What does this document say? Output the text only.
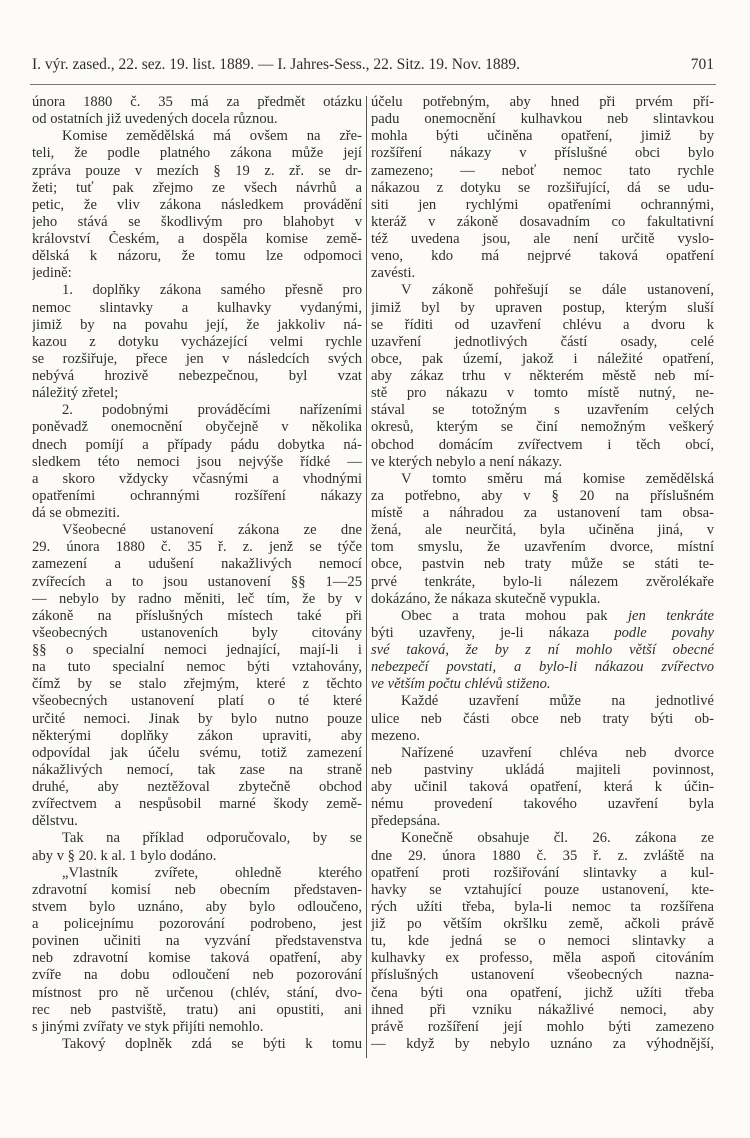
I. výr. zased., 22. sez. 19. list. 1889. — I. Jahres-Sess., 22. Sitz. 19. Nov. 1889.	701
února 1880 č. 35 má za předmět otázku
od ostatních již uvedených docela různou.
Komise zemědělská má ovšem na zře-
teli, že podle platného zákona může její
zpráva pouze v mezích § 19 z. zř. se dr-
žeti; tuť pak zřejmo ze všech návrhů a
petic, že vliv zákona následkem provádění
jeho stává se škodlivým pro blahobyt v
království Českém, a dospěla komise země-
dělská k názoru, že tomu lze odpomoci
jedině:
1. doplňky zákona samého přesně pro
nemoc slintavky a kulhavky vydanými,
jimiž by na povahu její, že jakkoliv ná-
kazou z dotyku vycházející velmi rychle
se rozšiřuje, přece jen v následcích svých
nebývá hrozivě nebezpečnou, byl vzat
náležitý zřetel;
2. podobnými prováděcími nařízeními
poněvadž onemocnění obyčejně v několika
dnech pomíjí a případy pádu dobytka ná-
sledkem této nemoci jsou nejvýše řídké —
a skoro vždycky včasnými a vhodnými
opatřeními ochrannými rozšíření nákazy
dá se obmeziti.
Všeobecné ustanovení zákona ze dne
29. února 1880 č. 35 ř. z. jenž se týče
zamezení a udušení nakažlivých nemocí
zvířecích a to jsou ustanovení §§ 1—25
— nebylo by radno měniti, leč tím, že by v
zákoně na příslušných místech také při
všeobecných ustanoveních byly citovány
§§ o specialní nemoci jednající, mají-li i
na tuto specialní nemoc býti vztahovány,
čímž by se stalo zřejmým, které z těchto
všeobecných ustanovení platí o té které
určité nemoci. Jinak by bylo nutno pouze
některými doplňky zákon upraviti, aby
odpovídal jak účelu svému, totiž zamezení
nákažlivých nemocí, tak zase na straně
druhé, aby neztěžoval zbytečně obchod
zvířectvem a nespůsobil marné škody země-
dělstvu.
Tak na příklad odporučovalo, by se
aby v § 20. k al. 1 bylo dodáno.
„Vlastník zvířete, ohledně kterého
zdravotní komisí neb obecním představen-
stvem bylo uznáno, aby bylo odloučeno,
a policejnímu pozorování podrobeno, jest
povinen učiniti na vyzvání představenstva
neb zdravotní komise taková opatření, aby
zvíře na dobu odloučení neb pozorování
místnost pro ně určenou (chlév, stání, dvo-
rec neb pastviště, tratu) ani opustiti, ani
s jinými zvířaty ve styk přijíti nemohlo.
Takový doplněk zdá se býti k tomu
účelu potřebným, aby hned při prvém pří-
padu onemocnění kulhavkou neb slintavkou
mohla býti učiněna opatření, jimiž by
rozšíření nákazy v příslušné obci bylo
zamezeno; — neboť nemoc tato rychle
nákazou z dotyku se rozšiřující, dá se udu-
siti jen rychlými opatřeními ochrannými,
kteráž v zákoně dosavadním co fakultativní
též uvedena jsou, ale není určitě vyslo-
veno, kdo má nejprvé taková opatření
zavésti.
V zákoně pohřešují se dále ustanovení,
jimiž byl by upraven postup, kterým sluší
se říditi od uzavření chlévu a dvoru k
uzavření jednotlivých částí osady, celé
obce, pak území, jakož i náležité opatření,
aby zákaz trhu v některém městě neb mí-
stě pro nákazu v tomto místě nutný, ne-
stával se totožným s uzavřením celých
okresů, kterým se činí nemožným veškerý
obchod domácím zvířectvem i těch obcí,
ve kterých nebylo a není nákazy.
V tomto směru má komise zemědělská
za potřebno, aby v § 20 na příslušném
místě a náhradou za ustanovení tam obsa-
žená, ale neurčitá, byla učiněna jiná, v
tom smyslu, že uzavřením dvorce, místní
obce, pastvin neb traty může se státi te-
prvé tenkráte, bylo-li nálezem zvěrolékaře
dokázáno, že nákaza skutečně vypukla.
Obec a trata mohou pak jen tenkráte
býti uzavřeny, je-li nákaza podle povahy
své taková, že by z ní mohlo větší obecné
nebezpečí povstati, a bylo-li nákazou zvířectvo
ve větším počtu chlévů stiženo.
Každé uzavření může na jednotlivé
ulice neb části obce neb traty býti ob-
mezeno.
Nařízené uzavření chléva neb dvorce
neb pastviny ukládá majiteli povinnost,
aby učinil taková opatření, která k účin-
nému provedení takového uzavření byla
předepsána.
Konečně obsahuje čl. 26. zákona ze
dne 29. února 1880 č. 35 ř. z. zvláště na
opatření proti rozšiřování slintavky a kul-
havky se vztahující pouze ustanovení, kte-
rých užíti třeba, byla-li nemoc ta rozšířena
již po větším okršlku země, ačkoli právě
tu, kde jedná se o nemoci slintavky a
kulhavky ex professo, měla aspoň citováním
příslušných ustanovení všeobecných nazna-
čena býti ona opatření, jichž užíti třeba
ihned při vzniku nákažlivé nemoci, aby
právě rozšíření její mohlo býti zamezeno
— když by nebylo uznáno za výhodnější,
